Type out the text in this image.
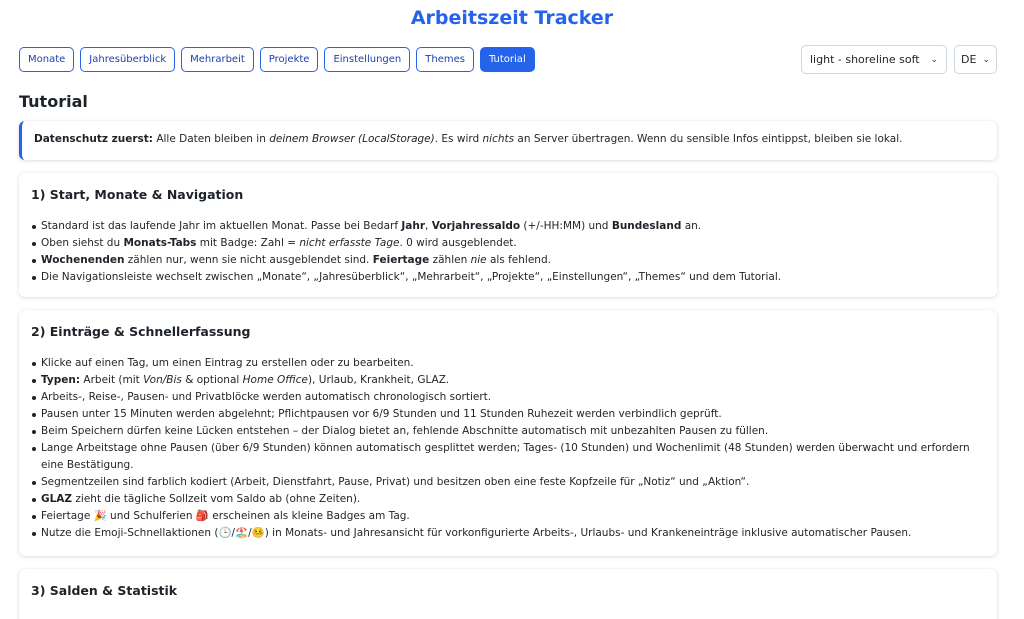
Arbeitszeit Tracker
Monate	Jahresüberblick	Mehrarbeit	Projekte	Einstellungen	Themes	Tutorial	light - shoreline soft ⌄ DE ⌄
Tutorial
Datenschutz zuerst: Alle Daten bleiben in deinem Browser (LocalStorage). Es wird nichts an Server übertragen. Wenn du sensible Infos eintippst, bleiben sie lokal.
1) Start, Monate & Navigation
Standard ist das laufende Jahr im aktuellen Monat. Passe bei Bedarf Jahr, Vorjahressaldo (+/-HH:MM) und Bundesland an.
Oben siehst du Monats-Tabs mit Badge: Zahl = nicht erfasste Tage. 0 wird ausgeblendet.
Wochenenden zählen nur, wenn sie nicht ausgeblendet sind. Feiertage zählen nie als fehlend.
Die Navigationsleiste wechselt zwischen „Monate“, „Jahresüberblick“, „Mehrarbeit“, „Projekte“, „Einstellungen“, „Themes“ und dem Tutorial.
2) Einträge & Schnellerfassung
Klicke auf einen Tag, um einen Eintrag zu erstellen oder zu bearbeiten.
Typen: Arbeit (mit Von/Bis & optional Home Office), Urlaub, Krankheit, GLAZ.
Arbeits-, Reise-, Pausen- und Privatblöcke werden automatisch chronologisch sortiert.
Pausen unter 15 Minuten werden abgelehnt; Pflichtpausen vor 6/9 Stunden und 11 Stunden Ruhezeit werden verbindlich geprüft.
Beim Speichern dürfen keine Lücken entstehen – der Dialog bietet an, fehlende Abschnitte automatisch mit unbezahlten Pausen zu füllen.
Lange Arbeitstage ohne Pausen (über 6/9 Stunden) können automatisch gesplittet werden; Tages- (10 Stunden) und Wochenlimit (48 Stunden) werden überwacht und erfordern eine Bestätigung.
Segmentzeilen sind farblich kodiert (Arbeit, Dienstfahrt, Pause, Privat) und besitzen oben eine feste Kopfzeile für „Notiz“ und „Aktion“.
GLAZ zieht die tägliche Sollzeit vom Saldo ab (ohne Zeiten).
Feiertage 🎉 und Schulferien 🎒 erscheinen als kleine Badges am Tag.
Nutze die Emoji-Schnellaktionen (🕒/🏖️/🤒) in Monats- und Jahresansicht für vorkonfigurierte Arbeits-, Urlaubs- und Krankeneinträge inklusive automatischer Pausen.
3) Salden & Statistik
